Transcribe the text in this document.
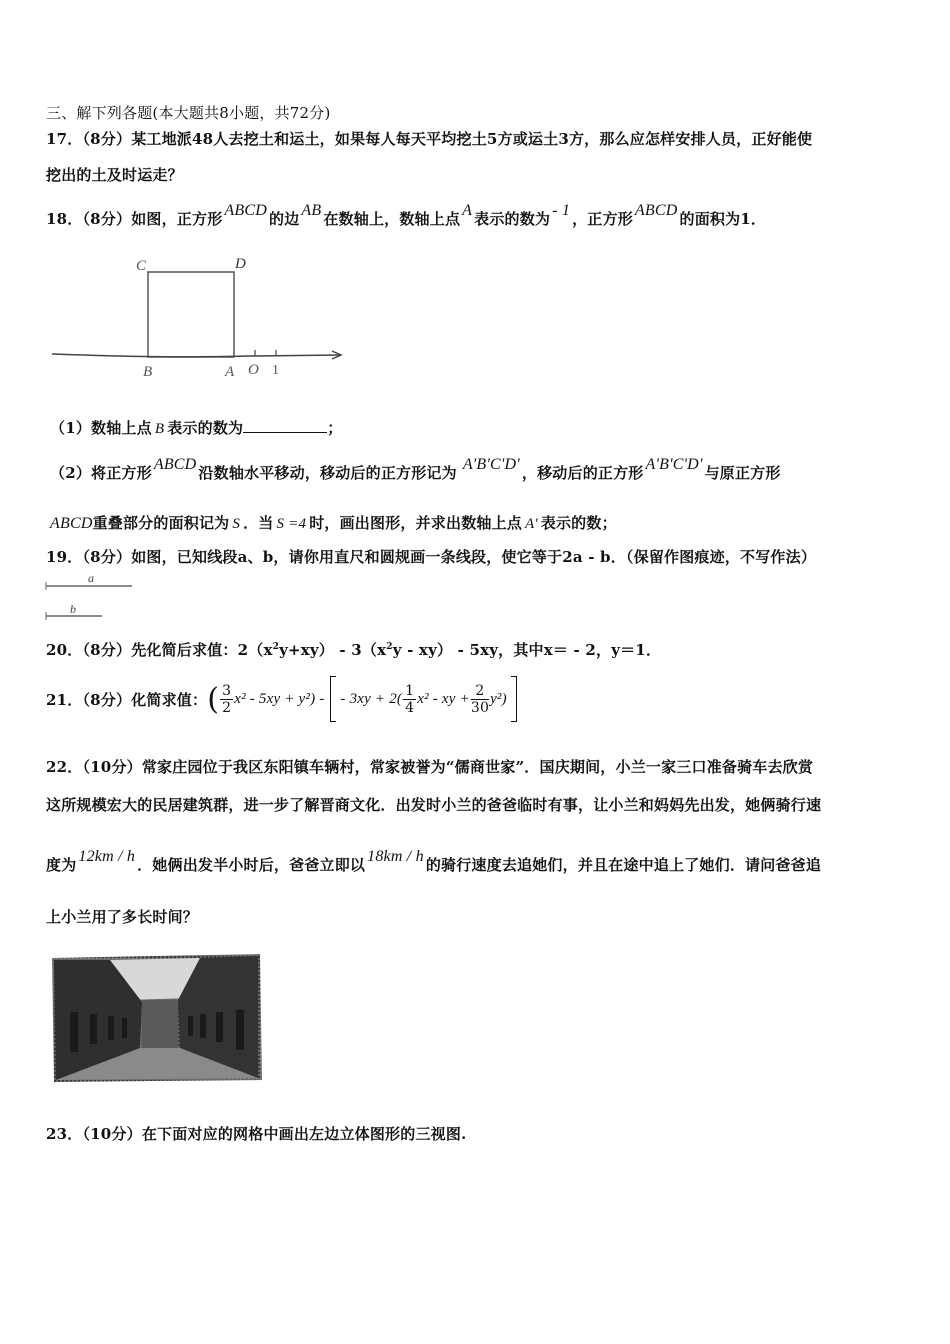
三、解下列各题(本大题共8小题，共72分)
17．（8分）某工地派48人去挖土和运土，如果每人每天平均挖土5方或运土3方，那么应怎样安排人员，正好能使
挖出的土及时运走？
18．（8分）如图，正方形 ABCD 的边 AB 在数轴上，数轴上点 A 表示的数为 - 1 ，正方形 ABCD 的面积为1．
C	D
B	A O 1
（1）数轴上点 B 表示的数为	；
（2）将正方形 ABCD 沿数轴水平移动，移动后的正方形记为 A'B'C'D' ，移动后的正方形 A'B'C'D' 与原正方形
ABCD重叠部分的面积记为 S ．当 S =4 时，画出图形，并求出数轴上点 A' 表示的数；
19．（8分）如图，已知线段a、b，请你用直尺和圆规画一条线段，使它等于2a - b．（保留作图痕迹，不写作法）
a
b
20．（8分）先化简后求值：$2(x^2y+xy) - 3(x^2y - xy) - 5xy$，其中x＝ - 2，y＝1．
21．（8分）化简求值： ( $\frac{3}{2} x^2 - 5xy + y^2$) - - $3xy + 2( \frac{1}{4} x^2$ - xy + $\frac{2}{30} y^2$)
22．（10分）常家庄园位于我区东阳镇车辆村，常家被誉为“儒商世家”．国庆期间，小兰一家三口准备骑车去欣赏
这所规模宏大的民居建筑群，进一步了解晋商文化．出发时小兰的爸爸临时有事，让小兰和妈妈先出发，她俩骑行速
度为 12km / h ．她俩出发半小时后，爸爸立即以 18km / h 的骑行速度去追她们，并且在途中追上了她们．请问爸爸追
上小兰用了多长时间？
23．（10分）在下面对应的网格中画出左边立体图形的三视图.
